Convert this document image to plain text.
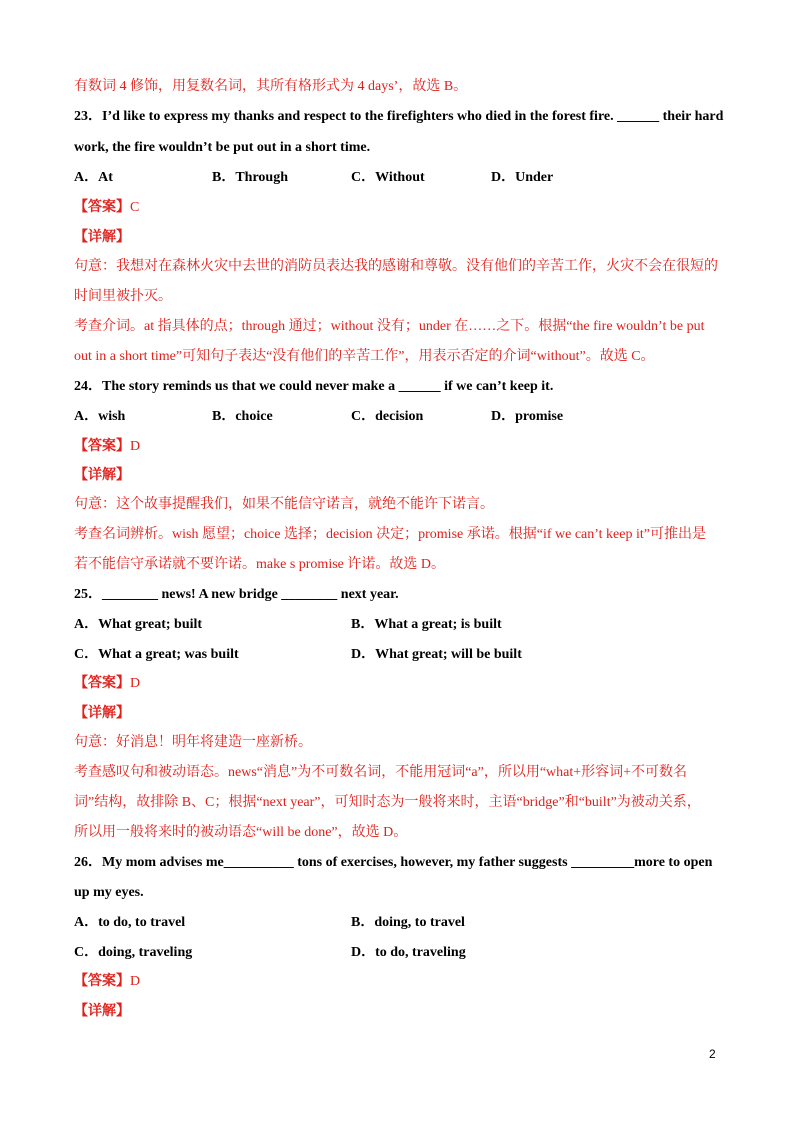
有数词 4 修饰，用复数名词，其所有格形式为 4 days’，故选 B。
23．I’d like to express my thanks and respect to the firefighters who died in the forest fire. ______ their hard
work, the fire wouldn’t be put out in a short time.
A．At	B．Through	C．Without	D．Under
【答案】C
【详解】
句意：我想对在森林火灾中去世的消防员表达我的感谢和尊敬。没有他们的辛苦工作，火灾不会在很短的
时间里被扑灭。
考查介词。at 指具体的点；through 通过；without 没有；under 在……之下。根据“the fire wouldn’t be put
out in a short time”可知句子表达“没有他们的辛苦工作”，用表示否定的介词“without”。故选 C。
24．The story reminds us that we could never make a ______ if we can’t keep it.
A．wish	B．choice	C．decision	D．promise
【答案】D
【详解】
句意：这个故事提醒我们，如果不能信守诺言，就绝不能许下诺言。
考查名词辨析。wish 愿望；choice 选择；decision 决定；promise 承诺。根据“if we can’t keep it”可推出是
若不能信守承诺就不要许诺。make s promise 许诺。故选 D。
25．________ news! A new bridge ________ next year.
A．What great; built	B．What a great; is built
C．What a great; was built	D．What great; will be built
【答案】D
【详解】
句意：好消息！明年将建造一座新桥。
考查感叹句和被动语态。news“消息”为不可数名词，不能用冠词“a”，所以用“what+形容词+不可数名
词”结构，故排除 B、C；根据“next year”，可知时态为一般将来时，主语“bridge”和“built”为被动关系，
所以用一般将来时的被动语态“will be done”，故选 D。
26．My mom advises me__________ tons of exercises, however, my father suggests _________more to open
up my eyes.
A．to do, to travel	B．doing, to travel
C．doing, traveling	D．to do, traveling
【答案】D
【详解】
2
